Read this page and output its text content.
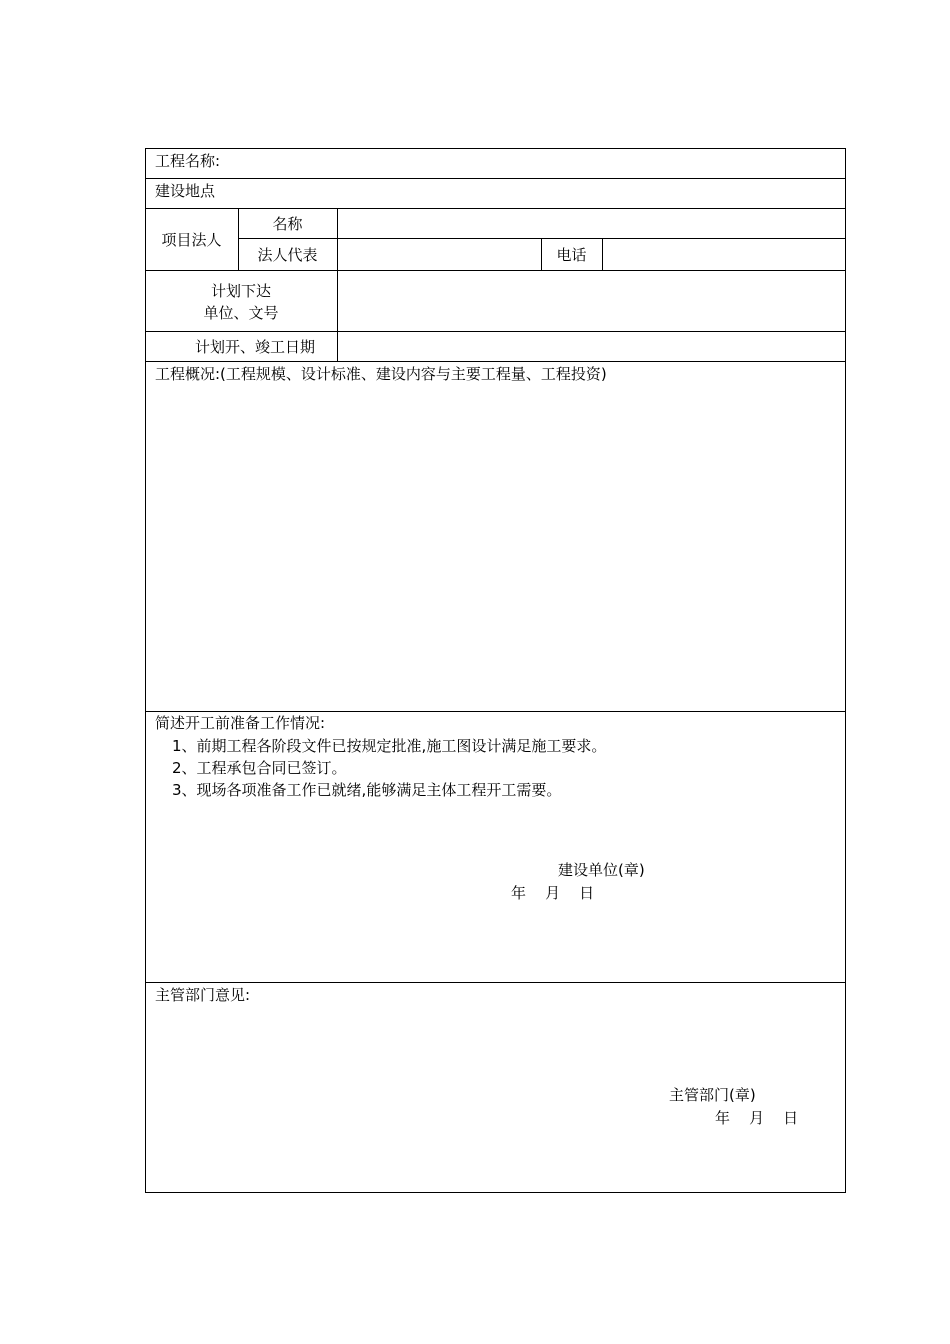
工程名称:
建设地点
项目法人
名称
法人代表	电话
计划下达
单位、文号
计划开、竣工日期
工程概况:(工程规模、设计标准、建设内容与主要工程量、工程投资)
简述开工前准备工作情况:
1、前期工程各阶段文件已按规定批准,施工图设计满足施工要求。
2、工程承包合同已签订。
3、现场各项准备工作已就绪,能够满足主体工程开工需要。
建设单位(章)
年    月    日
主管部门意见:
主管部门(章)
年    月    日
